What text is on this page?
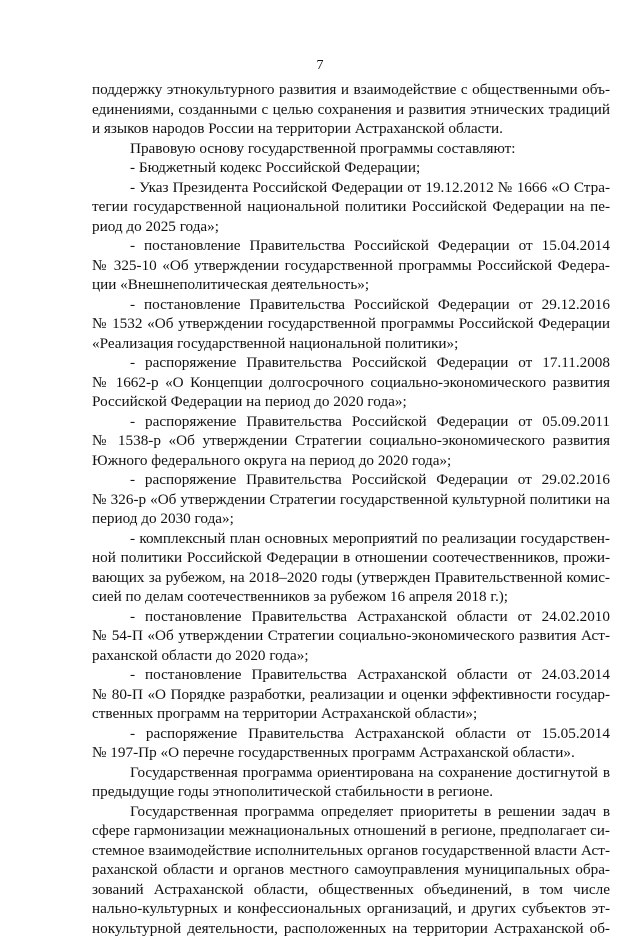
7
поддержку этнокультурного развития и взаимодействие с общественными объ-
единениями, созданными с целью сохранения и развития этнических традиций
и языков народов России на территории Астраханской области.
Правовую основу государственной программы составляют:
- Бюджетный кодекс Российской Федерации;
- Указ Президента Российской Федерации от 19.12.2012 № 1666 «О Стра-
тегии государственной национальной политики Российской Федерации на пе-
риод до 2025 года»;
- постановление Правительства Российской Федерации от 15.04.2014
№ 325-10 «Об утверждении государственной программы Российской Федера-
ции «Внешнеполитическая деятельность»;
- постановление Правительства Российской Федерации от 29.12.2016
№ 1532 «Об утверждении государственной программы Российской Федерации
«Реализация государственной национальной политики»;
- распоряжение Правительства Российской Федерации от 17.11.2008
№ 1662-р «О Концепции долгосрочного социально-экономического развития
Российской Федерации на период до 2020 года»;
- распоряжение Правительства Российской Федерации от 05.09.2011
№ 1538-р «Об утверждении Стратегии социально-экономического развития
Южного федерального округа на период до 2020 года»;
- распоряжение Правительства Российской Федерации от 29.02.2016
№ 326-р «Об утверждении Стратегии государственной культурной политики на
период до 2030 года»;
- комплексный план основных мероприятий по реализации государствен-
ной политики Российской Федерации в отношении соотечественников, прожи-
вающих за рубежом, на 2018–2020 годы (утвержден Правительственной комис-
сией по делам соотечественников за рубежом 16 апреля 2018 г.);
- постановление Правительства Астраханской области от 24.02.2010
№ 54-П «Об утверждении Стратегии социально-экономического развития Аст-
раханской области до 2020 года»;
- постановление Правительства Астраханской области от 24.03.2014
№ 80-П «О Порядке разработки, реализации и оценки эффективности государ-
ственных программ на территории Астраханской области»;
- распоряжение Правительства Астраханской области от 15.05.2014
№ 197-Пр «О перечне государственных программ Астраханской области».
Государственная программа ориентирована на сохранение достигнутой в
предыдущие годы этнополитической стабильности в регионе.
Государственная программа определяет приоритеты в решении задач в
сфере гармонизации межнациональных отношений в регионе, предполагает си-
стемное взаимодействие исполнительных органов государственной власти Аст-
раханской области и органов местного самоуправления муниципальных обра-
зований Астраханской области, общественных объединений, в том числе
нально-культурных и конфессиональных организаций, и других субъектов эт-
нокультурной деятельности, расположенных на территории Астраханской об-
